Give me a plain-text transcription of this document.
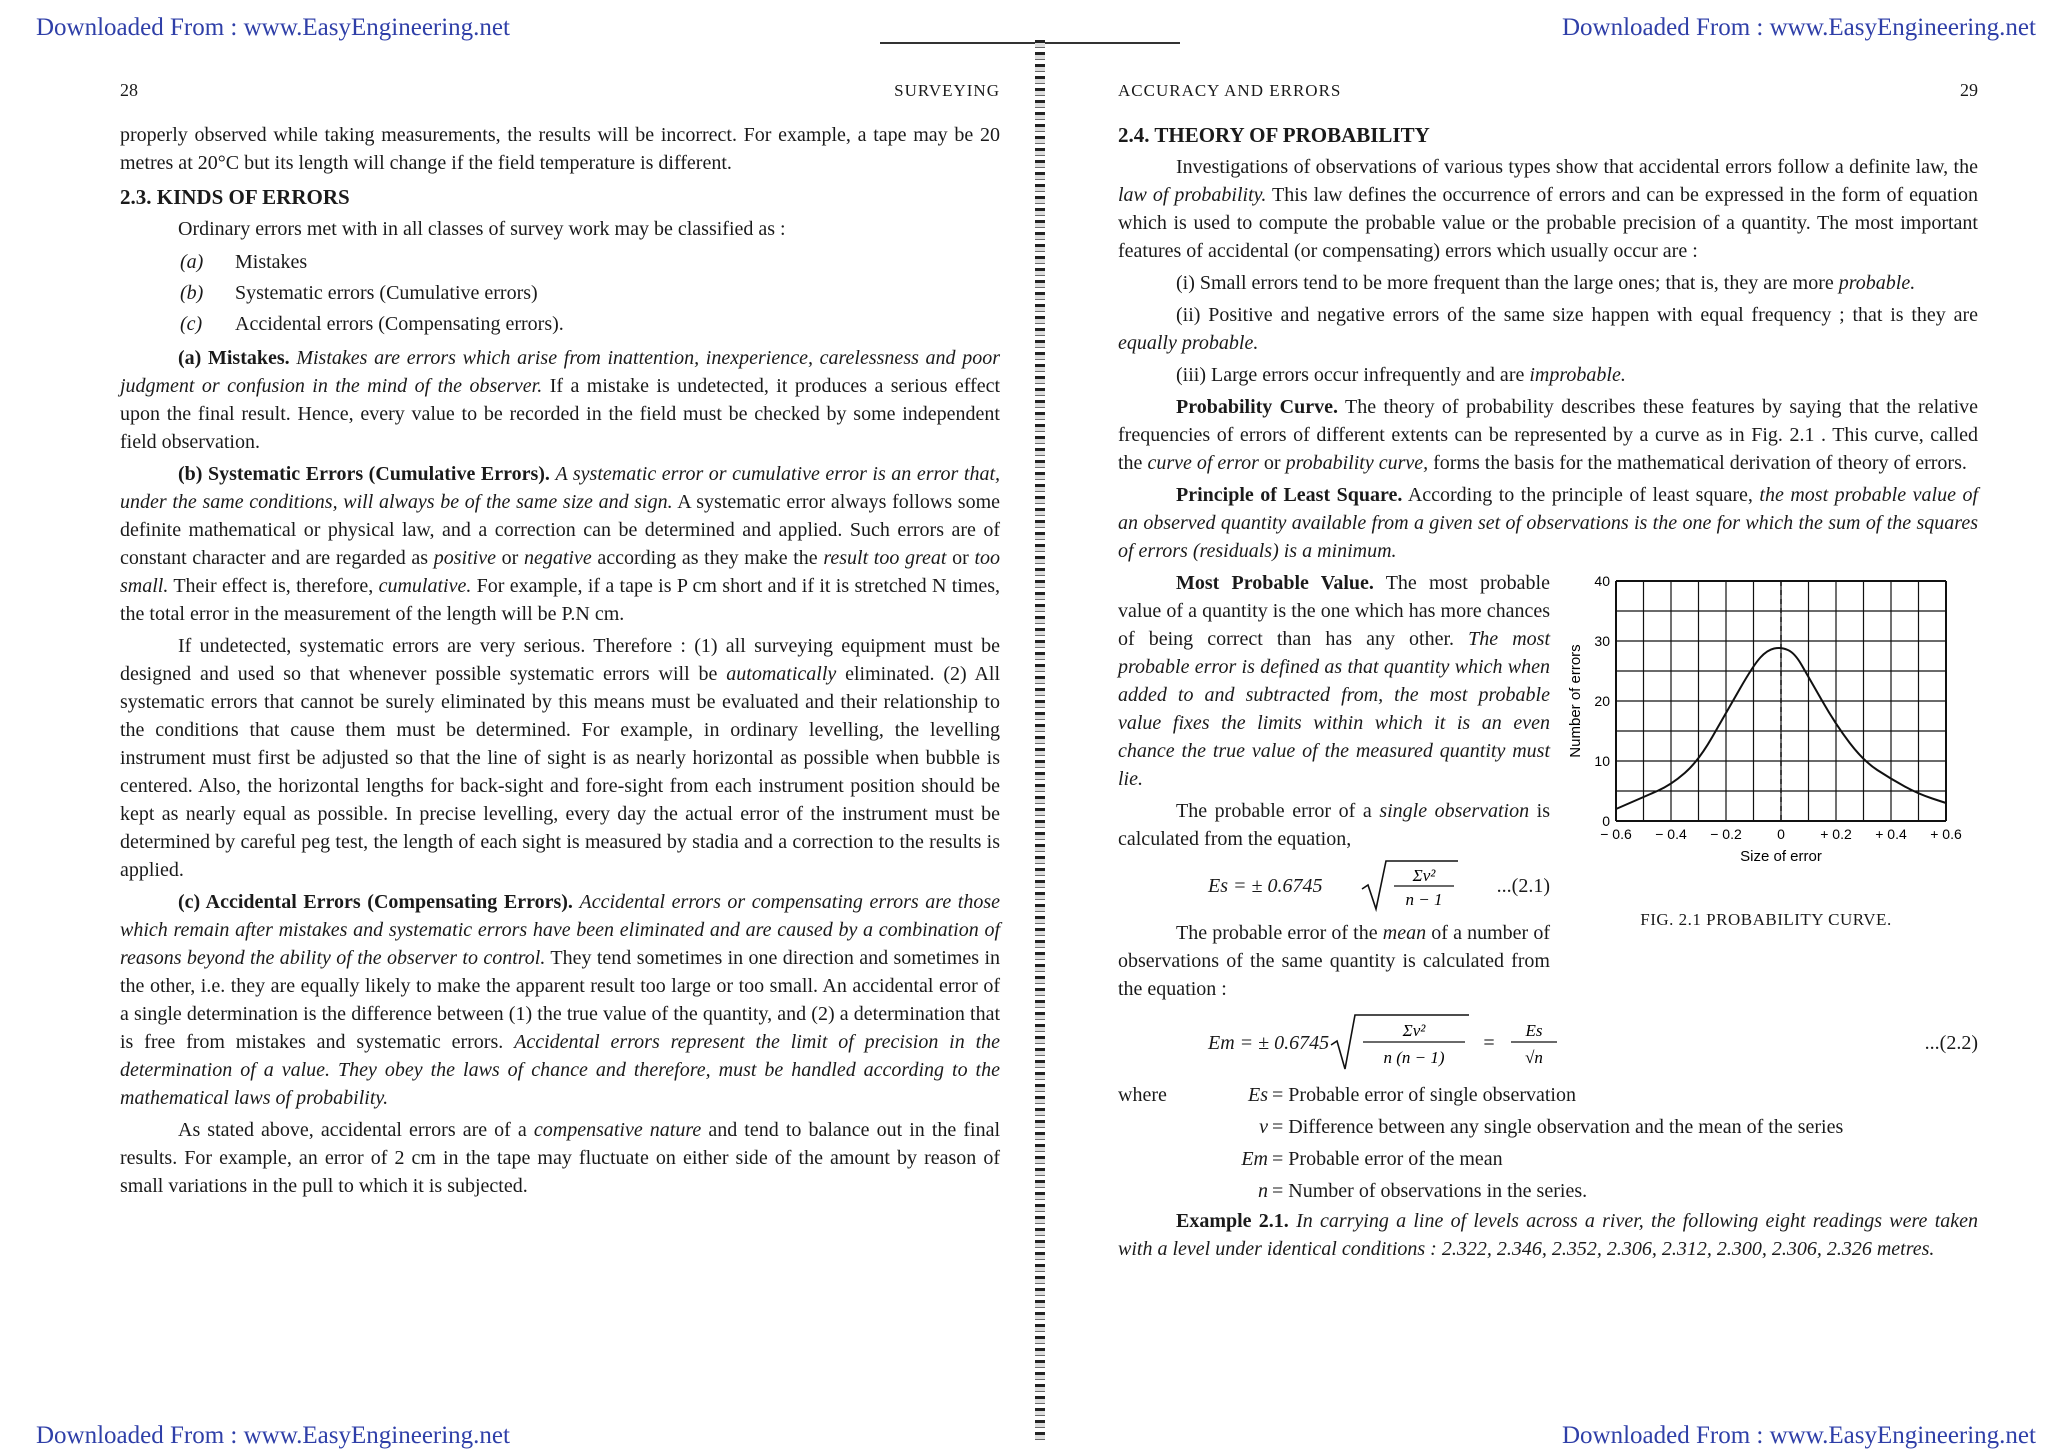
Downloaded From : www.EasyEngineering.net	Downloaded From : www.EasyEngineering.net
Downloaded From : www.EasyEngineering.net	Downloaded From : www.EasyEngineering.net
28	SURVEYING

properly observed while taking measurements, the results will be incorrect. For example, a tape may be 20 metres at 20°C but its length will change if the field temperature is different.

2.3. KINDS OF ERRORS

Ordinary errors met with in all classes of survey work may be classified as :

(a)	Mistakes
(b)	Systematic errors (Cumulative errors)
(c)	Accidental errors (Compensating errors).

(a) Mistakes. Mistakes are errors which arise from inattention, inexperience, carelessness and poor judgment or confusion in the mind of the observer. If a mistake is undetected, it produces a serious effect upon the final result. Hence, every value to be recorded in the field must be checked by some independent field observation.

(b) Systematic Errors (Cumulative Errors). A systematic error or cumulative error is an error that, under the same conditions, will always be of the same size and sign. A systematic error always follows some definite mathematical or physical law, and a correction can be determined and applied. Such errors are of constant character and are regarded as positive or negative according as they make the result too great or too small. Their effect is, therefore, cumulative. For example, if a tape is P cm short and if it is stretched N times, the total error in the measurement of the length will be P.N cm.

If undetected, systematic errors are very serious. Therefore : (1) all surveying equipment must be designed and used so that whenever possible systematic errors will be automatically eliminated. (2) All systematic errors that cannot be surely eliminated by this means must be evaluated and their relationship to the conditions that cause them must be determined. For example, in ordinary levelling, the levelling instrument must first be adjusted so that the line of sight is as nearly horizontal as possible when bubble is centered. Also, the horizontal lengths for back-sight and fore-sight from each instrument position should be kept as nearly equal as possible. In precise levelling, every day the actual error of the instrument must be determined by careful peg test, the length of each sight is measured by stadia and a correction to the results is applied.

(c) Accidental Errors (Compensating Errors). Accidental errors or compensating errors are those which remain after mistakes and systematic errors have been eliminated and are caused by a combination of reasons beyond the ability of the observer to control. They tend sometimes in one direction and sometimes in the other, i.e. they are equally likely to make the apparent result too large or too small. An accidental error of a single determination is the difference between (1) the true value of the quantity, and (2) a determination that is free from mistakes and systematic errors. Accidental errors represent the limit of precision in the determination of a value. They obey the laws of chance and therefore, must be handled according to the mathematical laws of probability.

As stated above, accidental errors are of a compensative nature and tend to balance out in the final results. For example, an error of 2 cm in the tape may fluctuate on either side of the amount by reason of small variations in the pull to which it is subjected.

ACCURACY AND ERRORS	29
2.4. THEORY OF PROBABILITY

Investigations of observations of various types show that accidental errors follow a definite law, the law of probability. This law defines the occurrence of errors and can be expressed in the form of equation which is used to compute the probable value or the probable precision of a quantity. The most important features of accidental (or compensating) errors which usually occur are :

(i) Small errors tend to be more frequent than the large ones; that is, they are more probable.

(ii) Positive and negative errors of the same size happen with equal frequency ; that is they are equally probable.

(iii) Large errors occur infrequently and are improbable.

Probability Curve. The theory of probability describes these features by saying that the relative frequencies of errors of different extents can be represented by a curve as in Fig. 2.1 . This curve, called the curve of error or probability curve, forms the basis for the mathematical derivation of theory of errors.

Principle of Least Square. According to the principle of least square, the most probable value of an observed quantity available from a given set of observations is the one for which the sum of the squares of errors (residuals) is a minimum.

Most Probable Value. The most probable value of a quantity is the one which has more chances of being correct than has any other. The most probable error is defined as that quantity which when added to and subtracted from, the most probable value fixes the limits within which it is an even chance the true value of the measured quantity must lie.

The probable error of a single observation is calculated from the equation,

Es = ± 0.6745	Σv²
n − 1
...(2.1)

The probable error of the mean of a number of observations of the same quantity is calculated from the equation :

− 0.6 − 0.4 − 0.2	0	+ 0.2 + 0.4 + 0.6
0
10
20
30
40
Size of error
Number of errors
FIG. 2.1 PROBABILITY CURVE.
Em = ± 0.6745
Σv²
n (n − 1)
=
Es
√n
...(2.2)
where	Es = Probable error of single observation
v = Difference between any single observation and the mean of the series
Em = Probable error of the mean
n = Number of observations in the series.

Example 2.1. In carrying a line of levels across a river, the following eight readings were taken with a level under identical conditions : 2.322, 2.346, 2.352, 2.306, 2.312, 2.300, 2.306, 2.326 metres.
